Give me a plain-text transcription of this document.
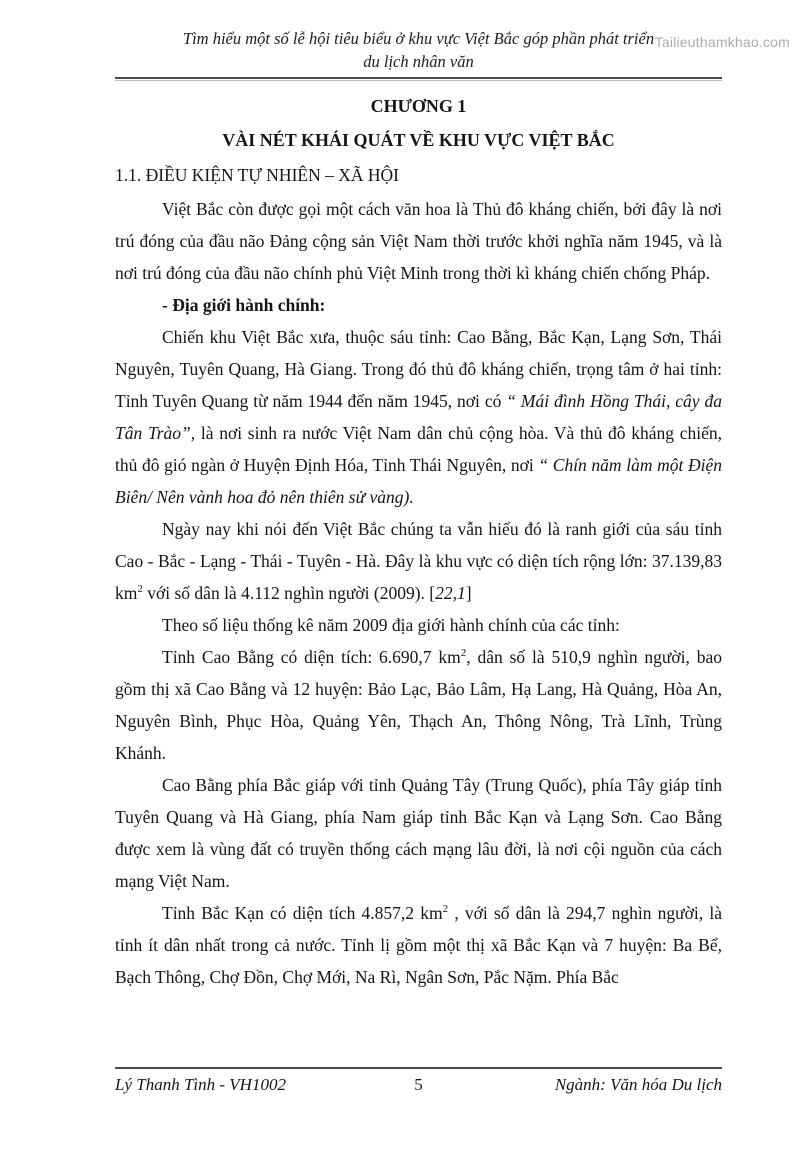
Tailieuthamkhao.com
Tìm hiểu một số lễ hội tiêu biểu ở khu vực Việt Bắc góp phần phát triển
du lịch nhân văn
CHƯƠNG 1
VÀI NÉT KHÁI QUÁT VỀ KHU VỰC VIỆT BẮC
1.1. ĐIỀU KIỆN TỰ NHIÊN – XÃ HỘI

Việt Bắc còn được gọi một cách văn hoa là Thủ đô kháng chiến, bởi đây là nơi trú đóng của đầu não Đảng cộng sản Việt Nam thời trước khởi nghĩa năm 1945, và là nơi trú đóng của đầu não chính phủ Việt Minh trong thời kì kháng chiến chống Pháp.

- Địa giới hành chính:

Chiến khu Việt Bắc xưa, thuộc sáu tỉnh: Cao Bằng, Bắc Kạn, Lạng Sơn, Thái Nguyên, Tuyên Quang, Hà Giang. Trong đó thủ đô kháng chiến, trọng tâm ở hai tỉnh: Tỉnh Tuyên Quang từ năm 1944 đến năm 1945, nơi có “ Mái đình Hồng Thái, cây đa Tân Trào”, là nơi sinh ra nước Việt Nam dân chủ cộng hòa. Và thủ đô kháng chiến, thủ đô gió ngàn ở Huyện Định Hóa, Tỉnh Thái Nguyên, nơi “ Chín năm làm một Điện Biên/ Nên vành hoa đỏ nên thiên sử vàng).

Ngày nay khi nói đến Việt Bắc chúng ta vẫn hiểu đó là ranh giới của sáu tỉnh Cao - Bắc - Lạng - Thái - Tuyên - Hà. Đây là khu vực có diện tích rộng lớn: 37.139,83 $km^2$ với số dân là 4.112 nghìn người (2009). [22,1]

Theo số liệu thống kê năm 2009 địa giới hành chính của các tỉnh:

Tỉnh Cao Bằng có diện tích: 6.690,7 $km^2$, dân số là 510,9 nghìn người, bao gồm thị xã Cao Bằng và 12 huyện: Bảo Lạc, Bảo Lâm, Hạ Lang, Hà Quảng, Hòa An, Nguyên Bình, Phục Hòa, Quảng Yên, Thạch An, Thông Nông, Trà Lĩnh, Trùng Khánh.

Cao Bằng phía Bắc giáp với tỉnh Quảng Tây (Trung Quốc), phía Tây giáp tỉnh Tuyên Quang và Hà Giang, phía Nam giáp tỉnh Bắc Kạn và Lạng Sơn. Cao Bằng được xem là vùng đất có truyền thống cách mạng lâu đời, là nơi cội nguồn của cách mạng Việt Nam.

Tỉnh Bắc Kạn có diện tích 4.857,2 $km^2$ , với số dân là 294,7 nghìn người, là tỉnh ít dân nhất trong cả nước. Tỉnh lị gồm một thị xã Bắc Kạn và 7 huyện: Ba Bể, Bạch Thông, Chợ Đồn, Chợ Mới, Na Rì, Ngân Sơn, Pắc Nặm. Phía Bắc

Lý Thanh Tình - VH1002	5	Ngành: Văn hóa Du lịch
